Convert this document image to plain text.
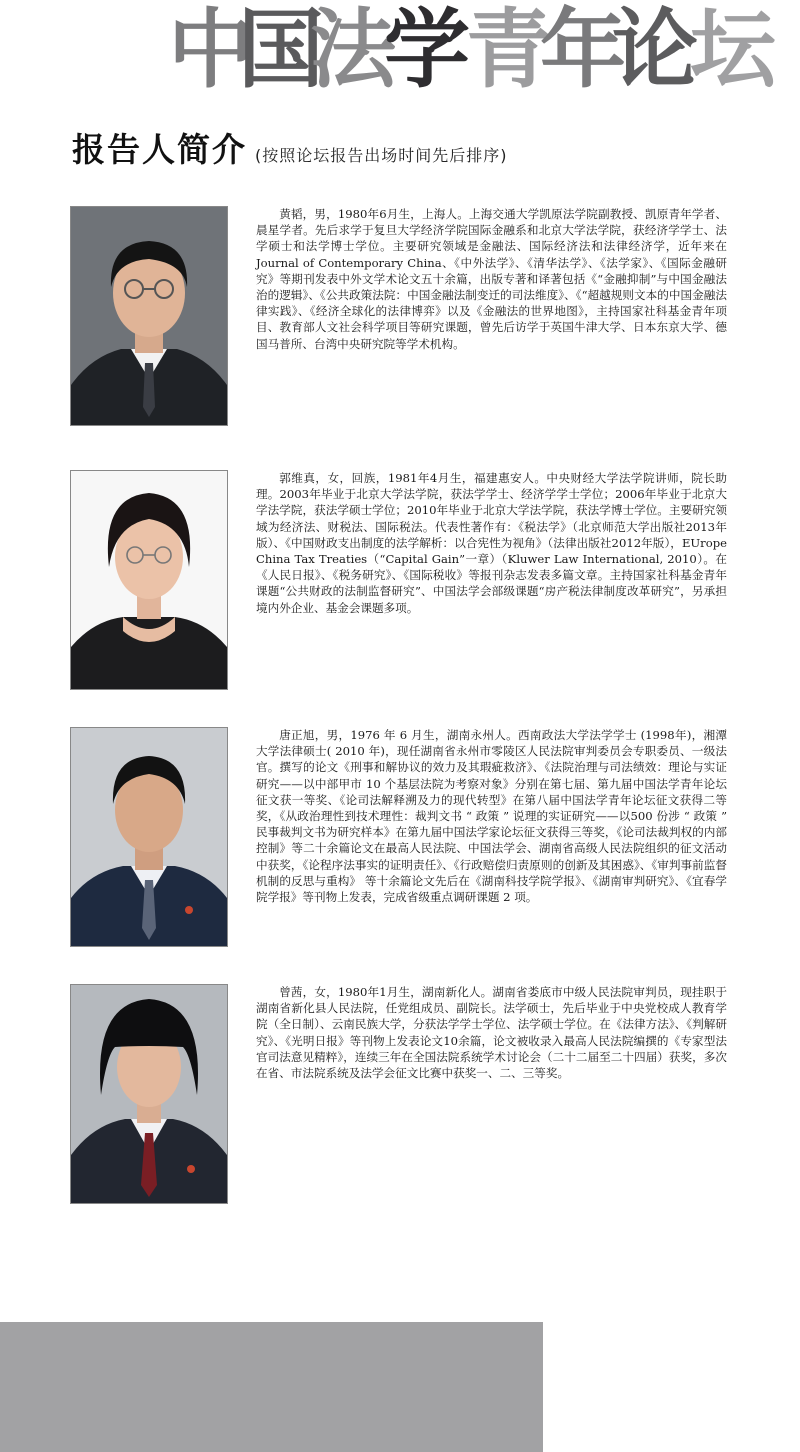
中
国
法
学 青
年
论
坛
报告人简介 (按照论坛报告出场时间先后排序)

黄韬，男，1980年6月生，上海人。上海交通大学凯原法学院副教授、凯原青年学者、晨星学者。先后求学于复旦大学经济学院国际金融系和北京大学法学院，获经济学学士、法学硕士和法学博士学位。主要研究领域是金融法、国际经济法和法律经济学，近年来在Journal of Contemporary China、《中外法学》、《清华法学》、《法学家》、《国际金融研究》等期刊发表中外文学术论文五十余篇，出版专著和译著包括《“金融抑制”与中国金融法治的逻辑》、《公共政策法院：中国金融法制变迁的司法维度》、《“超越规则文本的中国金融法律实践》、《经济全球化的法律博弈》以及《金融法的世界地图》，主持国家社科基金青年项目、教育部人文社会科学项目等研究课题，曾先后访学于英国牛津大学、日本东京大学、德国马普所、台湾中央研究院等学术机构。

郭维真，女，回族，1981年4月生，福建惠安人。中央财经大学法学院讲师，院长助理。2003年毕业于北京大学法学院，获法学学士、经济学学士学位；2006年毕业于北京大学法学院，获法学硕士学位；2010年毕业于北京大学法学院，获法学博士学位。主要研究领域为经济法、财税法、国际税法。代表性著作有：《税法学》（北京师范大学出版社2013年版）、《中国财政支出制度的法学解析：以合宪性为视角》（法律出版社2012年版），EUrope China Tax Treaties（“Capital Gain”一章）（Kluwer Law International, 2010）。在《人民日报》、《税务研究》、《国际税收》等报刊杂志发表多篇文章。主持国家社科基金青年课题“公共财政的法制监督研究”、中国法学会部级课题“房产税法律制度改革研究”，另承担境内外企业、基金会课题多项。

唐正旭，男，1976 年 6 月生，湖南永州人。西南政法大学法学学士 (1998年)，湘潭大学法律硕士( 2010 年)，现任湖南省永州市零陵区人民法院审判委员会专职委员、一级法官。撰写的论文《刑事和解协议的效力及其瑕疵救济》、《法院治理与司法绩效：理论与实证研究——以中部甲市 10 个基层法院为考察对象》分别在第七届、第九届中国法学青年论坛征文获一等奖、《论司法解释溯及力的现代转型》在第八届中国法学青年论坛征文获得二等奖，《从政治理性到技术理性：裁判文书 “ 政策 ” 说理的实证研究——以500 份涉 “ 政策 ” 民事裁判文书为研究样本》在第九届中国法学家论坛征文获得三等奖，《论司法裁判权的内部控制》等二十余篇论文在最高人民法院、中国法学会、湖南省高级人民法院组织的征文活动中获奖，《论程序法事实的证明责任》、《行政赔偿归责原则的创新及其困惑》、《审判事前监督机制的反思与重构》 等十余篇论文先后在《湖南科技学院学报》、《湖南审判研究》、《宜春学院学报》等刊物上发表，完成省级重点调研课题 2 项。

曾茜，女，1980年1月生，湖南新化人。湖南省娄底市中级人民法院审判员，现挂职于湖南省新化县人民法院，任党组成员、副院长。法学硕士，先后毕业于中央党校成人教育学院（全日制）、云南民族大学，分获法学学士学位、法学硕士学位。在《法律方法》、《判解研究》、《光明日报》等刊物上发表论文10余篇，论文被收录入最高人民法院编撰的《专家型法官司法意见精粹》，连续三年在全国法院系统学术讨论会（二十二届至二十四届）获奖，多次在省、市法院系统及法学会征文比赛中获奖一、二、三等奖。
